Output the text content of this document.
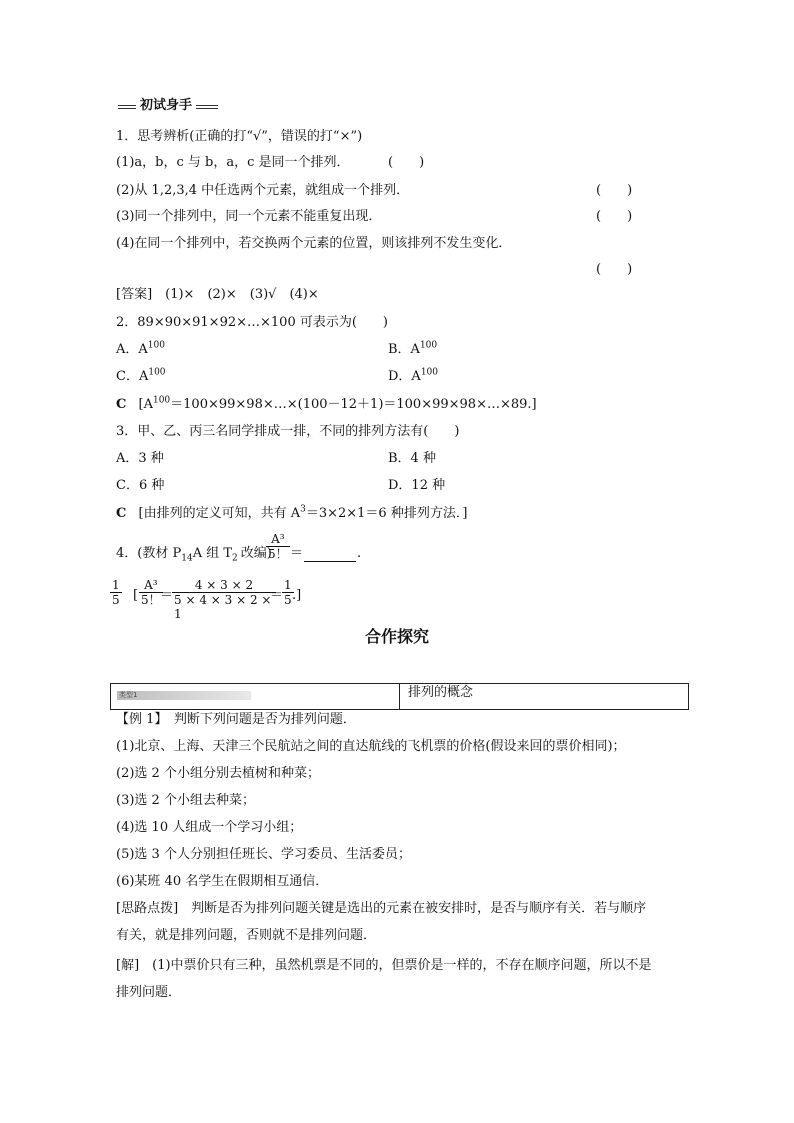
初试身手
1．思考辨析(正确的打“√”，错误的打“×”)
(1)a，b，c 与 b，a，c 是同一个排列．	(　　)
(2)从 1,2,3,4 中任选两个元素，就组成一个排列．	(　　)
(3)同一个排列中，同一个元素不能重复出现．	(　　)
(4)在同一个排列中，若交换两个元素的位置，则该排列不发生变化．
(　　)
[答案]　(1)×　(2)×　(3)√　(4)×
2．89×90×91×92×…×100 可表示为(　　)
A．$A^{100}$	B．$A^{100}$
C．$A^{100}$	D．$A^{100}$
C $[A^{100}=100\times 99\times 98\times\dots\times(100-12+1)=100\times 99\times 98\times\dots\times 89.]$
3．甲、乙、丙三名同学排成一排，不同的排列方法有(　　)
A．3 种	B．4 种
C．6 种	D．12 种
C [由排列的定义可知，共有 $A^3=3\times 2\times 1=6$ 种排列方法．]
4．(教材 $P_{14}A$ 组 $T_2$ 改编)
A³
5！ ＝	.
1
5 [
A³
5！ ＝
4 × 3 × 2
5 × 4 × 3 × 2 × 1
＝
1
5 .]
合作探究
类型1	排列的概念
【例 1】　判断下列问题是否为排列问题．
(1)北京、上海、天津三个民航站之间的直达航线的飞机票的价格(假设来回的票价相同)；
(2)选 2 个小组分别去植树和种菜；
(3)选 2 个小组去种菜；
(4)选 10 人组成一个学习小组；
(5)选 3 个人分别担任班长、学习委员、生活委员；
(6)某班 40 名学生在假期相互通信．
[思路点拨]　判断是否为排列问题关键是选出的元素在被安排时，是否与顺序有关．若与顺序
有关，就是排列问题，否则就不是排列问题．
[解]　(1)中票价只有三种，虽然机票是不同的，但票价是一样的，不存在顺序问题，所以不是
排列问题．
